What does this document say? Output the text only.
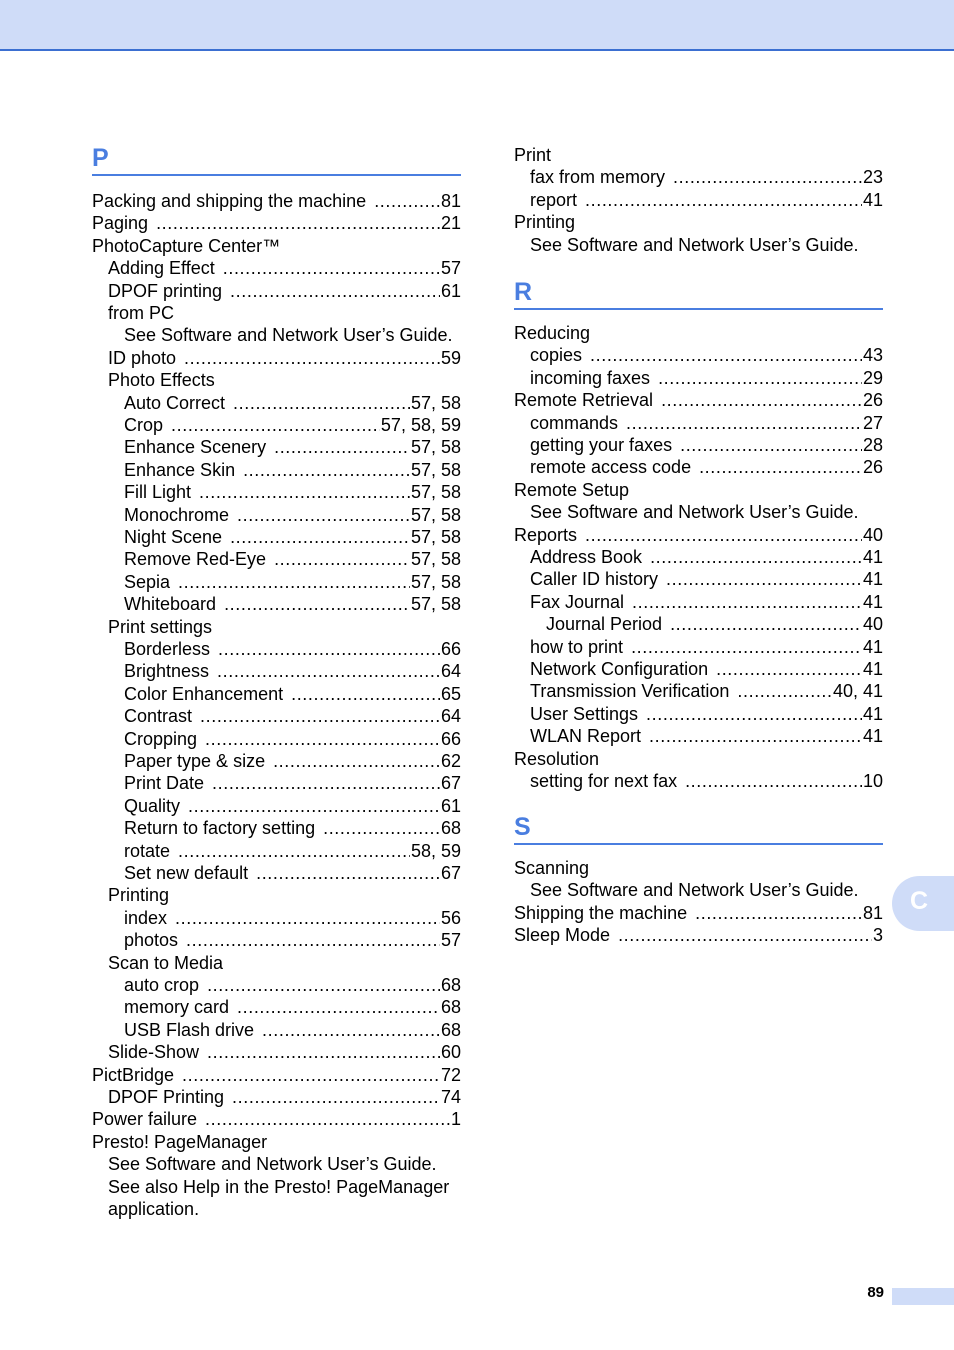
P
Packing and shipping the machine .....	81
Paging .....	21
PhotoCapture Center™
Adding Effect .....	57
DPOF printing .....	61
from PC
See Software and Network User’s Guide.
ID photo .....	59
Photo Effects
Auto Correct .....	57, 58
Crop .....	57, 58, 59
Enhance Scenery .....	57, 58
Enhance Skin .....	57, 58
Fill Light .....	57, 58
Monochrome .....	57, 58
Night Scene .....	57, 58
Remove Red-Eye .....	57, 58
Sepia .....	57, 58
Whiteboard .....	57, 58
Print settings
Borderless .....	66
Brightness .....	64
Color Enhancement .....	65
Contrast .....	64
Cropping .....	66
Paper type & size .....	62
Print Date .....	67
Quality .....	61
Return to factory setting .....	68
rotate .....	58, 59
Set new default .....	67
Printing
index .....	56
photos .....	57
Scan to Media
auto crop .....	68
memory card .....	68
USB Flash drive .....	68
Slide-Show .....	60
PictBridge .....	72
DPOF Printing .....	74
Power failure .....	1
Presto! PageManager
See Software and Network User’s Guide.
See also Help in the Presto! PageManager
application.
Print
fax from memory .....	23
report .....	41
Printing
See Software and Network User’s Guide.
R
Reducing
copies .....	43
incoming faxes .....	29
Remote Retrieval .....	26
commands .....	27
getting your faxes .....	28
remote access code .....	26
Remote Setup
See Software and Network User’s Guide.
Reports .....	40
Address Book .....	41
Caller ID history .....	41
Fax Journal .....	41
Journal Period .....	40
how to print .....	41
Network Configuration .....	41
Transmission Verification .....	40, 41
User Settings .....	41
WLAN Report .....	41
Resolution
setting for next fax .....	10
S
Scanning
See Software and Network User’s Guide.
Shipping the machine .....	81
Sleep Mode .....	3
C
89
